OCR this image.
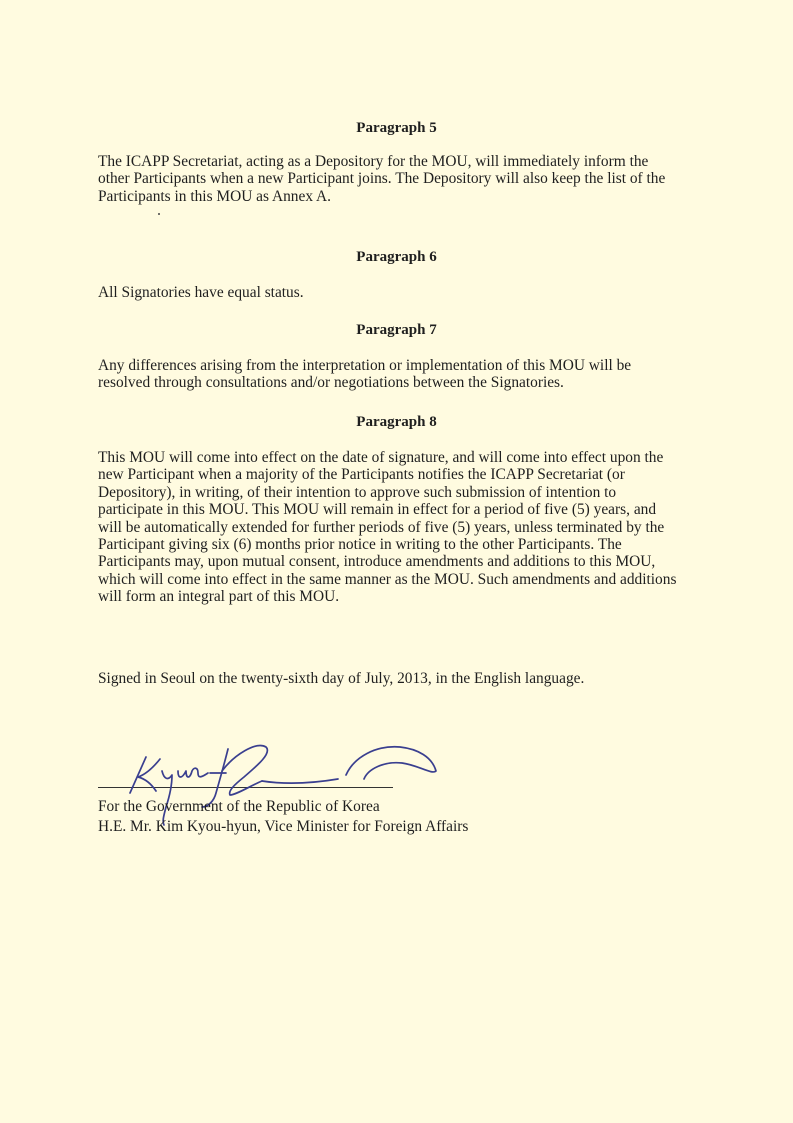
Paragraph 5
The ICAPP Secretariat, acting as a Depository for the MOU, will immediately inform the
other Participants when a new Participant joins. The Depository will also keep the list of the
Participants in this MOU as Annex A.
Paragraph 6
All Signatories have equal status.
Paragraph 7
Any differences arising from the interpretation or implementation of this MOU will be
resolved through consultations and/or negotiations between the Signatories.
Paragraph 8
This MOU will come into effect on the date of signature, and will come into effect upon the
new Participant when a majority of the Participants notifies the ICAPP Secretariat (or
Depository), in writing, of their intention to approve such submission of intention to
participate in this MOU. This MOU will remain in effect for a period of five (5) years, and
will be automatically extended for further periods of five (5) years, unless terminated by the
Participant giving six (6) months prior notice in writing to the other Participants. The
Participants may, upon mutual consent, introduce amendments and additions to this MOU,
which will come into effect in the same manner as the MOU. Such amendments and additions
will form an integral part of this MOU.
Signed in Seoul on the twenty-sixth day of July, 2013, in the English language.
For the Government of the Republic of Korea
H.E. Mr. Kim Kyou-hyun, Vice Minister for Foreign Affairs
